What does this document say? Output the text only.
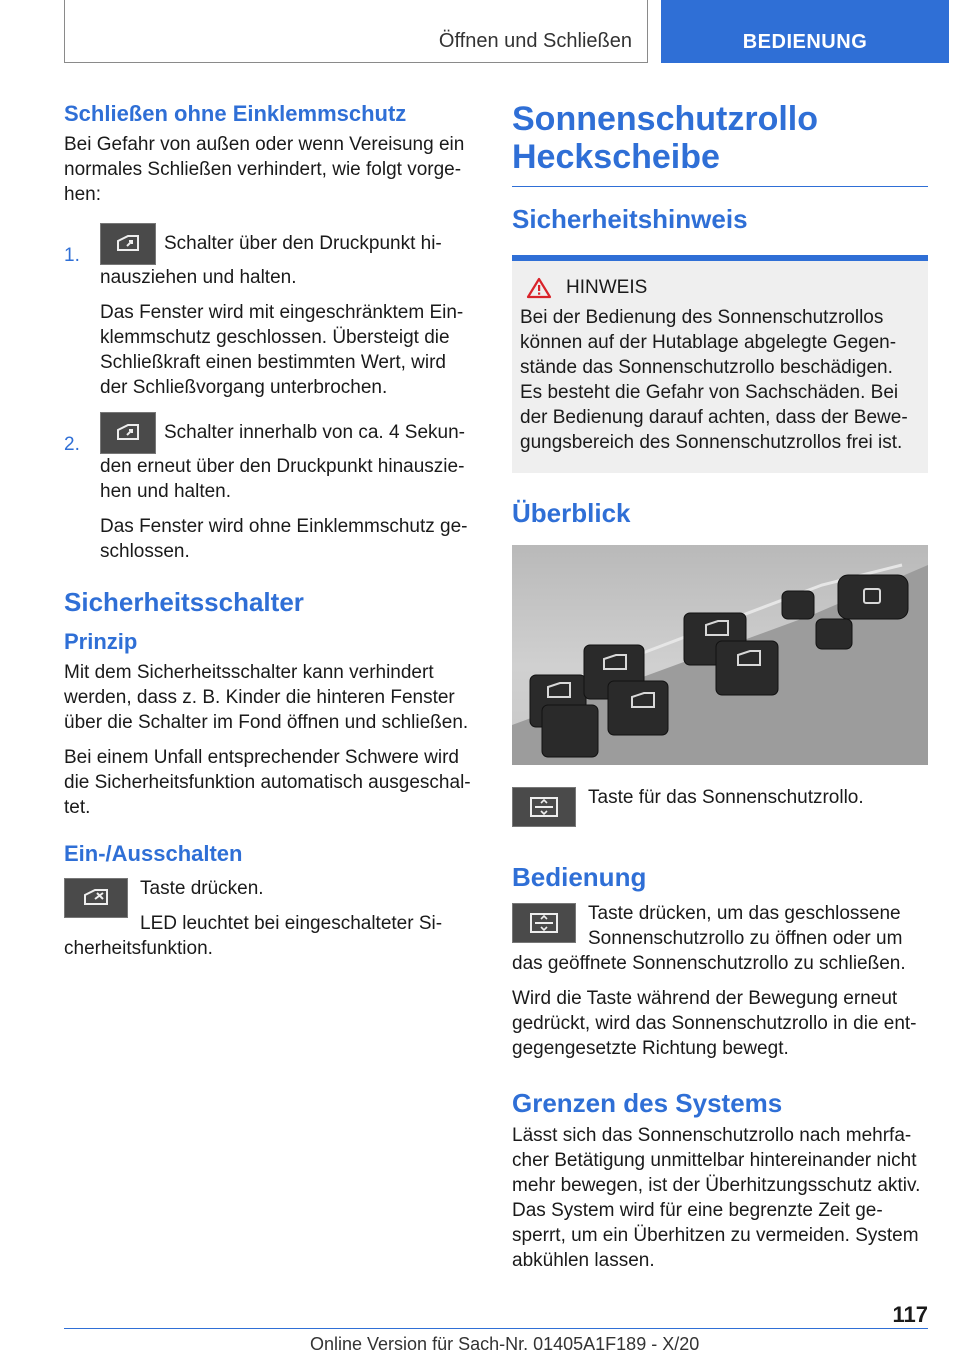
Öffnen und Schließen	BEDIENUNG
Schließen ohne Einklemmschutz

Bei Gefahr von außen oder wenn Vereisung ein normales Schließen verhindert, wie folgt vorge-hen:

1.

Schalter über den Druckpunkt hi-nausziehen und halten.

Das Fenster wird mit eingeschränktem Ein-klemmschutz geschlossen. Übersteigt die Schließkraft einen bestimmten Wert, wird der Schließvorgang unterbrochen.

2.

Schalter innerhalb von ca. 4 Sekun-den erneut über den Druckpunkt hinauszie-hen und halten.

Das Fenster wird ohne Einklemmschutz ge-schlossen.

Sicherheitsschalter
Prinzip

Mit dem Sicherheitsschalter kann verhindert werden, dass z. B. Kinder die hinteren Fenster über die Schalter im Fond öffnen und schließen.

Bei einem Unfall entsprechender Schwere wird die Sicherheitsfunktion automatisch ausgeschal-tet.

Ein-/Ausschalten

Taste drücken.

LED leuchtet bei eingeschalteter Si-cherheitsfunktion.

Sonnenschutzrollo Heckscheibe
Sicherheitshinweis
HINWEIS

Bei der Bedienung des Sonnenschutzrollos können auf der Hutablage abgelegte Gegen-stände das Sonnenschutzrollo beschädigen. Es besteht die Gefahr von Sachschäden. Bei der Bedienung darauf achten, dass der Bewe-gungsbereich des Sonnenschutzrollos frei ist.

Überblick

Taste für das Sonnenschutzrollo.

Bedienung

Taste drücken, um das geschlossene Sonnenschutzrollo zu öffnen oder um das geöffnete Sonnenschutzrollo zu schließen.

Wird die Taste während der Bewegung erneut gedrückt, wird das Sonnenschutzrollo in die ent-gegengesetzte Richtung bewegt.

Grenzen des Systems

Lässt sich das Sonnenschutzrollo nach mehrfa-cher Betätigung unmittelbar hintereinander nicht mehr bewegen, ist der Überhitzungsschutz aktiv. Das System wird für eine begrenzte Zeit ge-sperrt, um ein Überhitzen zu vermeiden. System abkühlen lassen.

117
Online Version für Sach-Nr. 01405A1F189 - X/20
